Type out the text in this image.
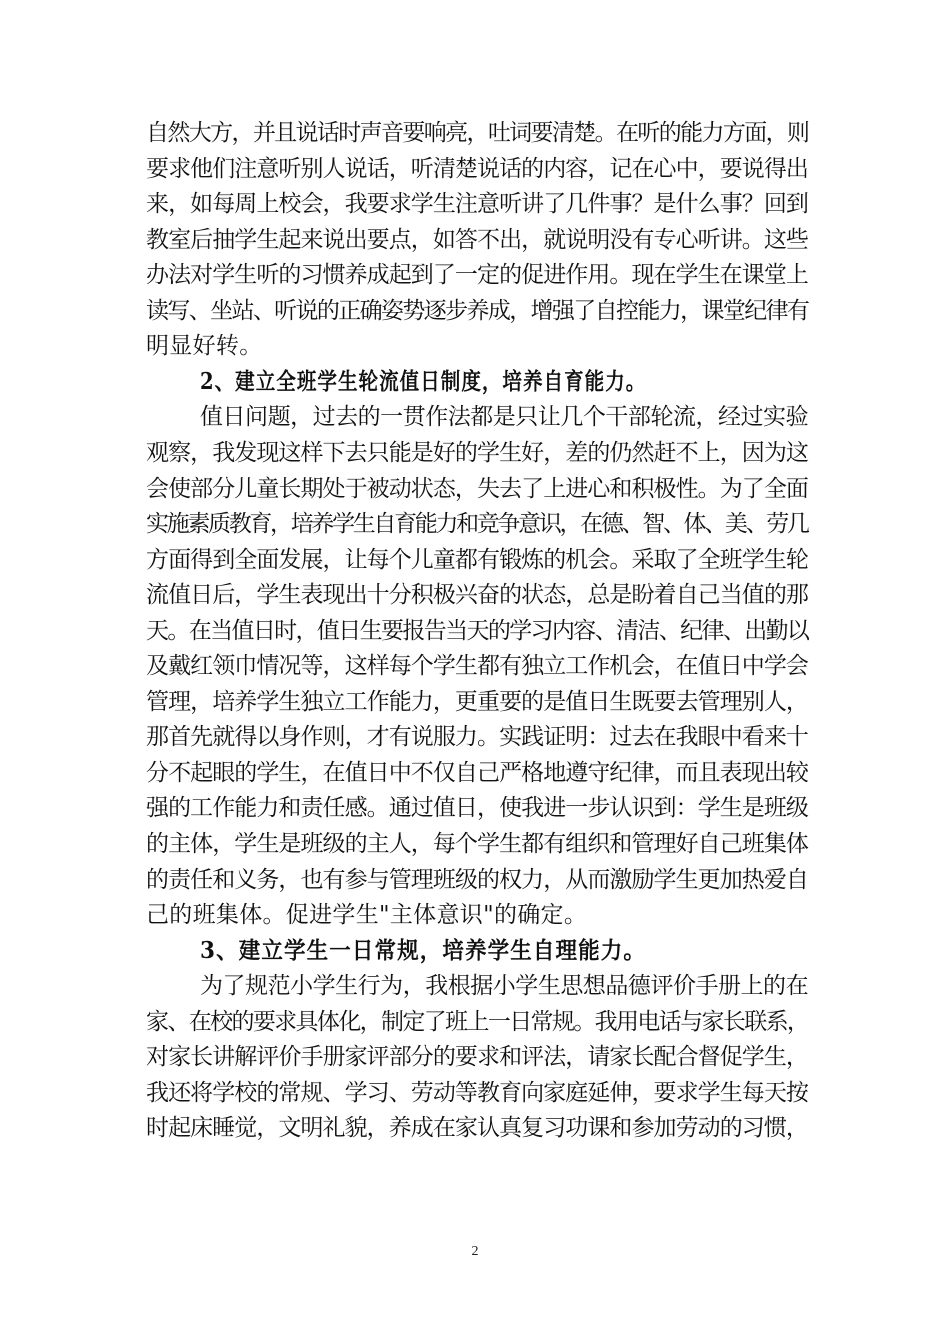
自然大方，并且说话时声音要响亮，吐词要清楚。在听的能力方面，则
要求他们注意听别人说话，听清楚说话的内容，记在心中，要说得出
来，如每周上校会，我要求学生注意听讲了几件事？是什么事？回到
教室后抽学生起来说出要点，如答不出，就说明没有专心听讲。这些
办法对学生听的习惯养成起到了一定的促进作用。现在学生在课堂上
读写、坐站、听说的正确姿势逐步养成，增强了自控能力，课堂纪律有
明显好转。
2、建立全班学生轮流值日制度，培养自育能力。
值日问题，过去的一贯作法都是只让几个干部轮流，经过实验
观察，我发现这样下去只能是好的学生好，差的仍然赶不上，因为这
会使部分儿童长期处于被动状态，失去了上进心和积极性。为了全面
实施素质教育，培养学生自育能力和竞争意识，在德、智、体、美、劳几
方面得到全面发展，让每个儿童都有锻炼的机会。采取了全班学生轮
流值日后，学生表现出十分积极兴奋的状态，总是盼着自己当值的那
天。在当值日时，值日生要报告当天的学习内容、清洁、纪律、出勤以
及戴红领巾情况等，这样每个学生都有独立工作机会，在值日中学会
管理，培养学生独立工作能力，更重要的是值日生既要去管理别人，
那首先就得以身作则，才有说服力。实践证明：过去在我眼中看来十
分不起眼的学生，在值日中不仅自己严格地遵守纪律，而且表现出较
强的工作能力和责任感。通过值日，使我进一步认识到：学生是班级
的主体，学生是班级的主人，每个学生都有组织和管理好自己班集体
的责任和义务，也有参与管理班级的权力，从而激励学生更加热爱自
己的班集体。促进学生"主体意识"的确定。
3、建立学生一日常规，培养学生自理能力。
为了规范小学生行为，我根据小学生思想品德评价手册上的在
家、在校的要求具体化，制定了班上一日常规。我用电话与家长联系，
对家长讲解评价手册家评部分的要求和评法，请家长配合督促学生，
我还将学校的常规、学习、劳动等教育向家庭延伸，要求学生每天按
时起床睡觉，文明礼貌，养成在家认真复习功课和参加劳动的习惯，
2
